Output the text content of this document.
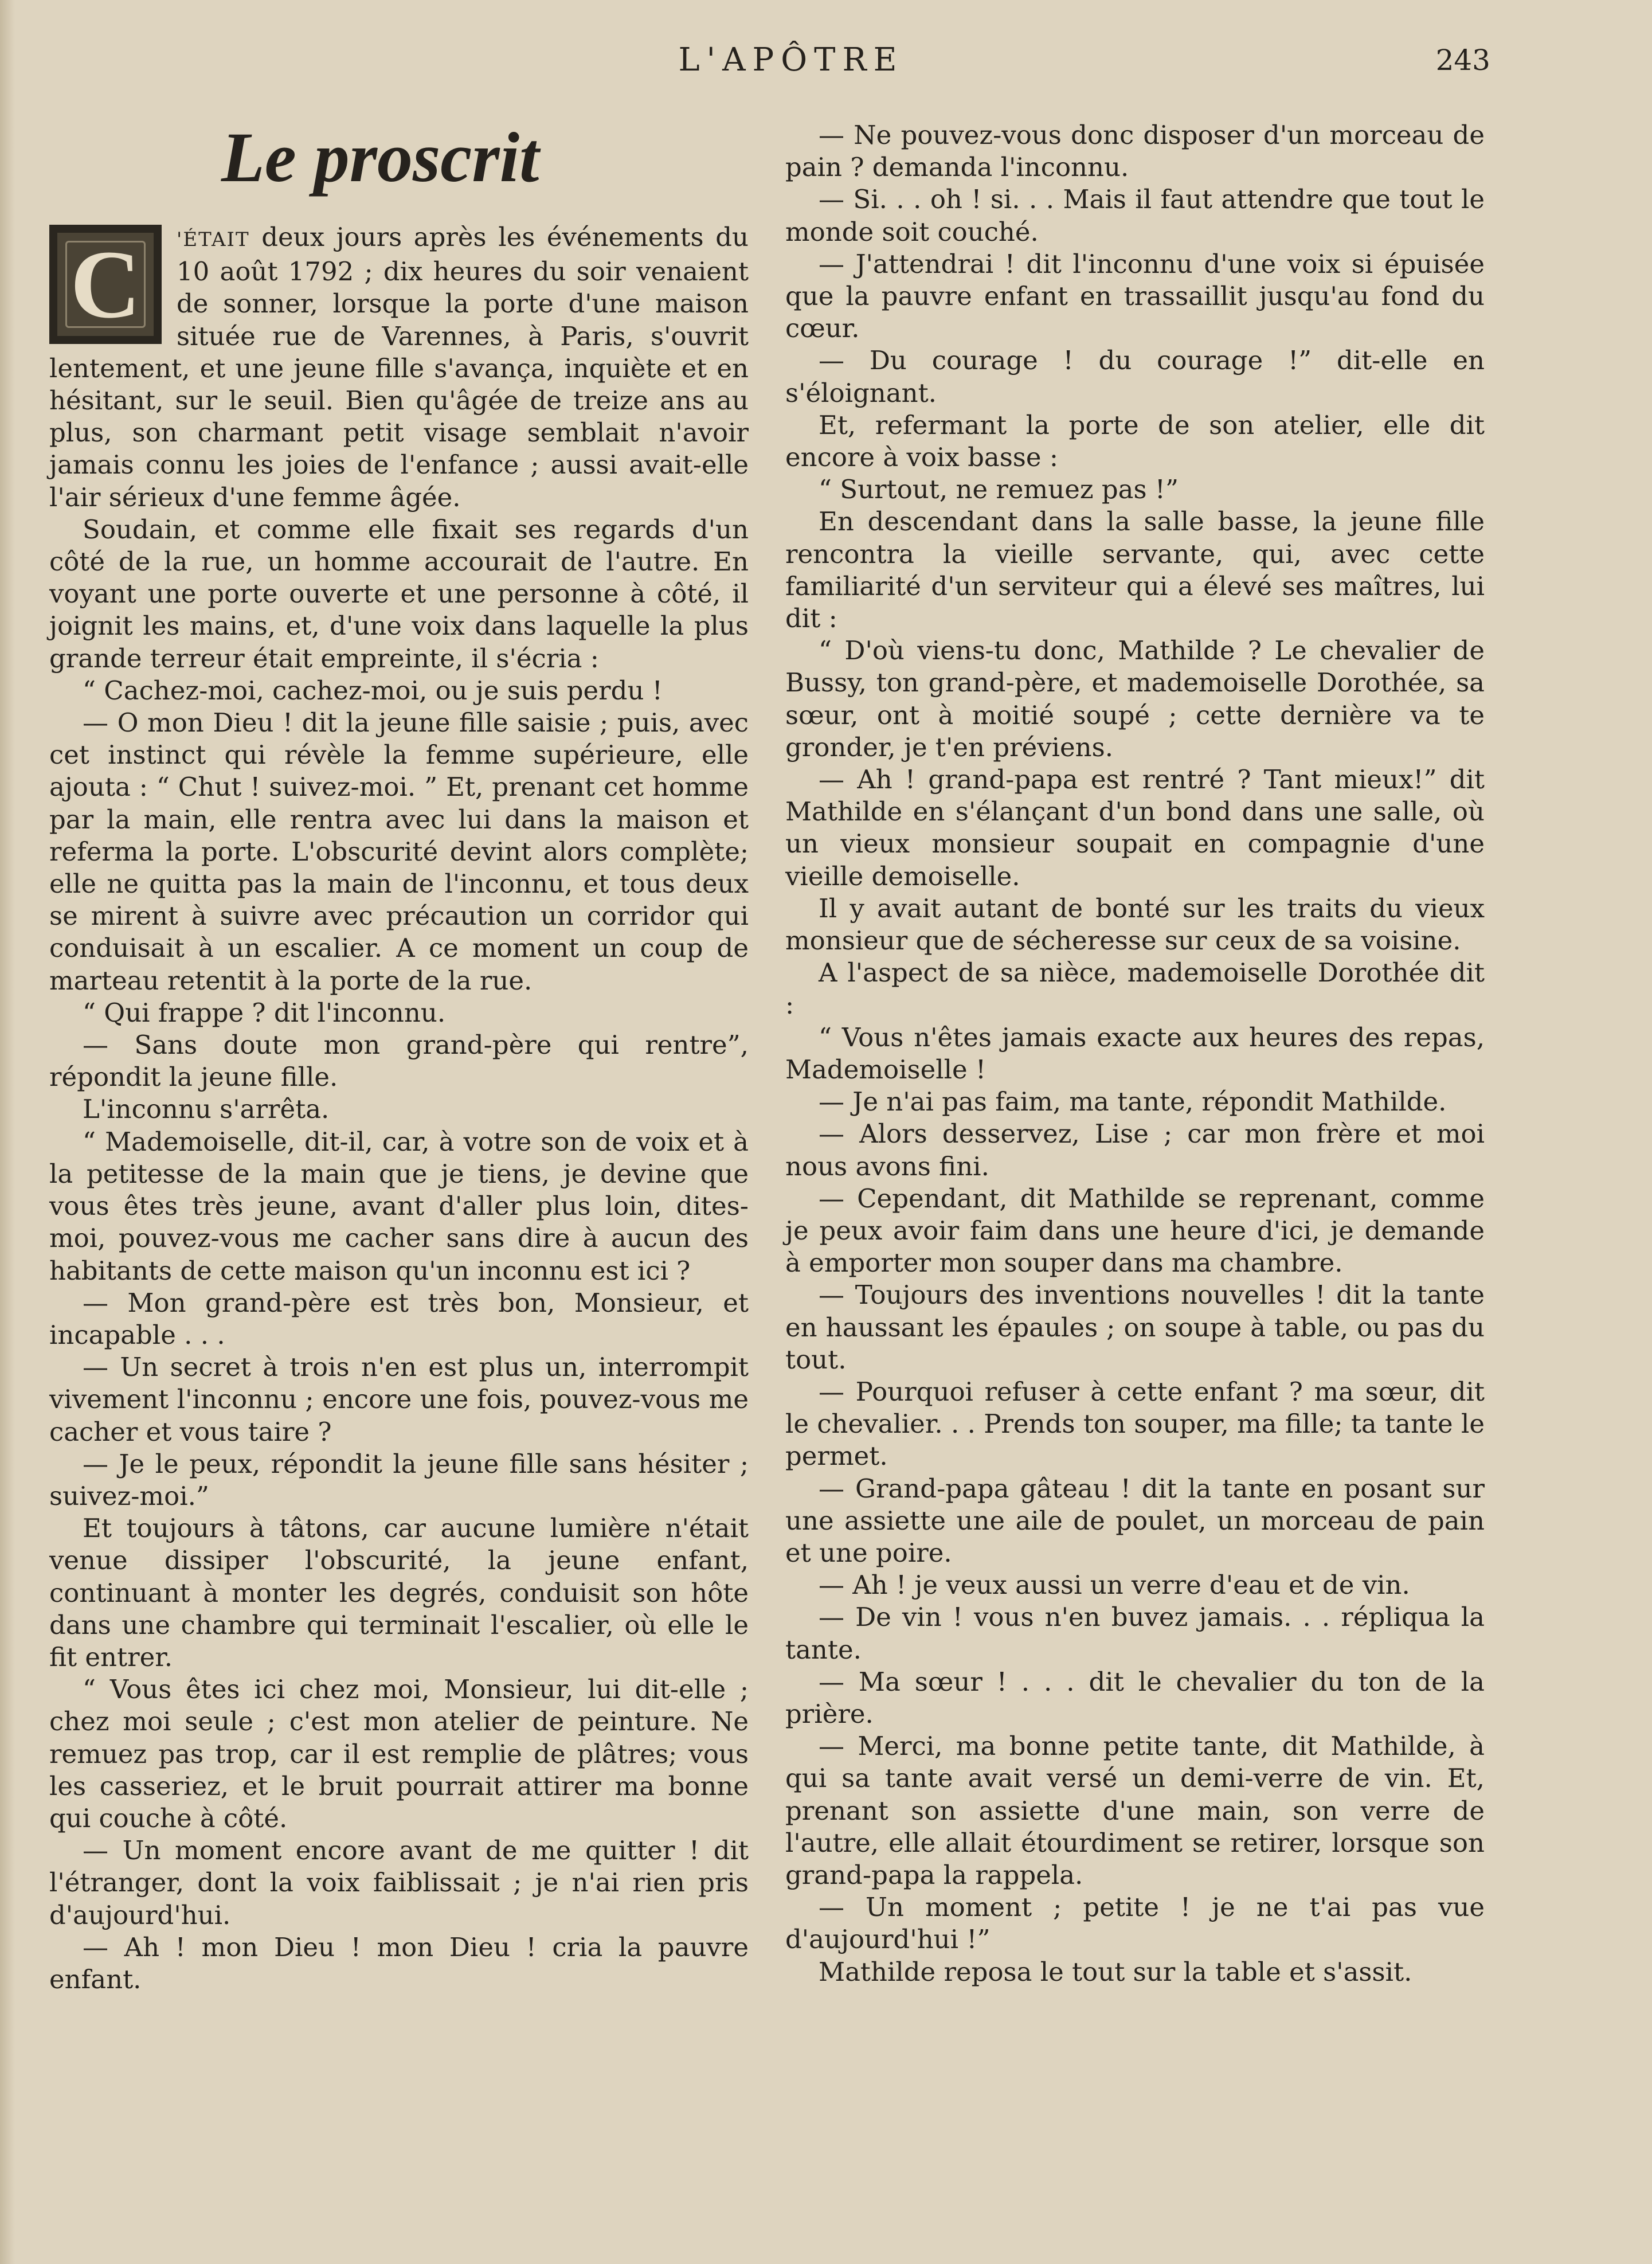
L'APÔTRE	243
Le proscrit

C 'ÉTAIT deux jours après les événements du 10 août 1792 ; dix heures du soir venaient de sonner, lorsque la porte d'une maison située rue de Varennes, à Paris, s'ouvrit lentement, et une jeune fille s'avança, inquiète et en hésitant, sur le seuil. Bien qu'âgée de treize ans au plus, son charmant petit visage semblait n'avoir jamais connu les joies de l'enfance ; aussi avait-elle l'air sérieux d'une femme âgée.

Soudain, et comme elle fixait ses regards d'un côté de la rue, un homme accourait de l'autre. En voyant une porte ouverte et une personne à côté, il joignit les mains, et, d'une voix dans laquelle la plus grande terreur était empreinte, il s'écria :

“ Cachez-moi, cachez-moi, ou je suis perdu !

— O mon Dieu ! dit la jeune fille saisie ; puis, avec cet instinct qui révèle la femme supérieure, elle ajouta : “ Chut ! suivez-moi. ” Et, prenant cet homme par la main, elle rentra avec lui dans la maison et referma la porte. L'obscurité devint alors complète; elle ne quitta pas la main de l'inconnu, et tous deux se mirent à suivre avec précaution un corridor qui conduisait à un escalier. A ce moment un coup de marteau retentit à la porte de la rue.

“ Qui frappe ? dit l'inconnu.

— Sans doute mon grand-père qui rentre”, répondit la jeune fille.

L'inconnu s'arrêta.

“ Mademoiselle, dit-il, car, à votre son de voix et à la petitesse de la main que je tiens, je devine que vous êtes très jeune, avant d'aller plus loin, dites-moi, pouvez-vous me cacher sans dire à aucun des habitants de cette maison qu'un inconnu est ici ?

— Mon grand-père est très bon, Monsieur, et incapable . . .

— Un secret à trois n'en est plus un, interrompit vivement l'inconnu ; encore une fois, pouvez-vous me cacher et vous taire ?

— Je le peux, répondit la jeune fille sans hésiter ; suivez-moi.”

Et toujours à tâtons, car aucune lumière n'était venue dissiper l'obscurité, la jeune enfant, continuant à monter les degrés, conduisit son hôte dans une chambre qui terminait l'escalier, où elle le fit entrer.

“ Vous êtes ici chez moi, Monsieur, lui dit-elle ; chez moi seule ; c'est mon atelier de peinture. Ne remuez pas trop, car il est remplie de plâtres; vous les casseriez, et le bruit pourrait attirer ma bonne qui couche à côté.

— Un moment encore avant de me quitter ! dit l'étranger, dont la voix faiblissait ; je n'ai rien pris d'aujourd'hui.

— Ah ! mon Dieu ! mon Dieu ! cria la pauvre enfant.

— Ne pouvez-vous donc disposer d'un morceau de pain ? demanda l'inconnu.

— Si. . . oh ! si. . . Mais il faut attendre que tout le monde soit couché.

— J'attendrai ! dit l'inconnu d'une voix si épuisée que la pauvre enfant en trassaillit jusqu'au fond du cœur.

— Du courage ! du courage !” dit-elle en s'éloignant.

Et, refermant la porte de son atelier, elle dit encore à voix basse :

“ Surtout, ne remuez pas !”

En descendant dans la salle basse, la jeune fille rencontra la vieille servante, qui, avec cette familiarité d'un serviteur qui a élevé ses maîtres, lui dit :

“ D'où viens-tu donc, Mathilde ? Le chevalier de Bussy, ton grand-père, et mademoiselle Dorothée, sa sœur, ont à moitié soupé ; cette dernière va te gronder, je t'en préviens.

— Ah ! grand-papa est rentré ? Tant mieux!” dit Mathilde en s'élançant d'un bond dans une salle, où un vieux monsieur soupait en compagnie d'une vieille demoiselle.

Il y avait autant de bonté sur les traits du vieux monsieur que de sécheresse sur ceux de sa voisine.

A l'aspect de sa nièce, mademoiselle Dorothée dit :

“ Vous n'êtes jamais exacte aux heures des repas, Mademoiselle !

— Je n'ai pas faim, ma tante, répondit Mathilde.

— Alors desservez, Lise ; car mon frère et moi nous avons fini.

— Cependant, dit Mathilde se reprenant, comme je peux avoir faim dans une heure d'ici, je demande à emporter mon souper dans ma chambre.

— Toujours des inventions nouvelles ! dit la tante en haussant les épaules ; on soupe à table, ou pas du tout.

— Pourquoi refuser à cette enfant ? ma sœur, dit le chevalier. . . Prends ton souper, ma fille; ta tante le permet.

— Grand-papa gâteau ! dit la tante en posant sur une assiette une aile de poulet, un morceau de pain et une poire.

— Ah ! je veux aussi un verre d'eau et de vin.

— De vin ! vous n'en buvez jamais. . . répliqua la tante.

— Ma sœur ! . . . dit le chevalier du ton de la prière.

— Merci, ma bonne petite tante, dit Mathilde, à qui sa tante avait versé un demi-verre de vin. Et, prenant son assiette d'une main, son verre de l'autre, elle allait étourdiment se retirer, lorsque son grand-papa la rappela.

— Un moment ; petite ! je ne t'ai pas vue d'aujourd'hui !”

Mathilde reposa le tout sur la table et s'assit.
